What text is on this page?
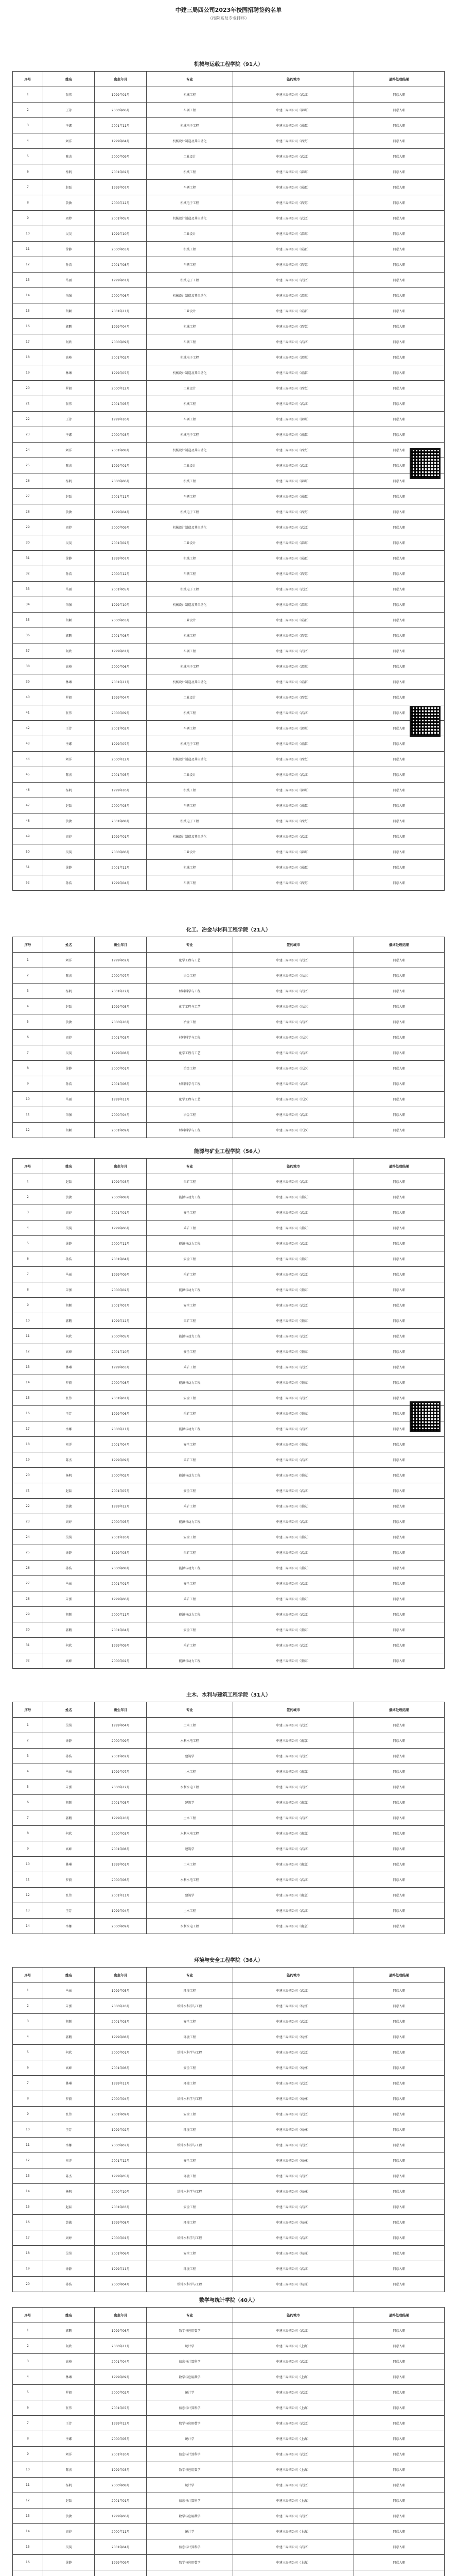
中建三局四公司2023年校园招聘签约名单

（按院系及专业排序）

机械与运载工程学院（91人）
序号	姓名	出生年月	专业	签约城市	最终处理结果
1	张伟	1999年01月	机械工程	中建三局四公司（武汉）	同意入职
2	王芳	2000年06月	车辆工程	中建三局四公司（深圳）	同意入职
3	李娜	2001年11月	机械电子工程	中建三局四公司（成都）	同意入职
4	刘洋	1999年04月	机械设计制造及其自动化	中建三局四公司（西安）	同意入职
5	陈杰	2000年09月	工业设计	中建三局四公司（武汉）	同意入职
6	杨帆	2001年02月	机械工程	中建三局四公司（深圳）	同意入职
7	赵磊	1999年07月	车辆工程	中建三局四公司（成都）	同意入职
8	黄敏	2000年12月	机械电子工程	中建三局四公司（西安）	同意入职
9	周婷	2001年05月	机械设计制造及其自动化	中建三局四公司（武汉）	同意入职
10	吴昊	1999年10月	工业设计	中建三局四公司（深圳）	同意入职
11	徐静	2000年03月	机械工程	中建三局四公司（成都）	同意入职
12	孙浩	2001年08月	车辆工程	中建三局四公司（西安）	同意入职
13	马丽	1999年01月	机械电子工程	中建三局四公司（武汉）	同意入职
14	朱强	2000年06月	机械设计制造及其自动化	中建三局四公司（深圳）	同意入职
15	胡颖	2001年11月	工业设计	中建三局四公司（成都）	同意入职
16	郭鹏	1999年04月	机械工程	中建三局四公司（西安）	同意入职
17	何欣	2000年09月	车辆工程	中建三局四公司（武汉）	同意入职
18	高峰	2001年02月	机械电子工程	中建三局四公司（深圳）	同意入职
19	林琳	1999年07月	机械设计制造及其自动化	中建三局四公司（成都）	同意入职
20	罗毅	2000年12月	工业设计	中建三局四公司（西安）	同意入职
21	张伟	2001年05月	机械工程	中建三局四公司（武汉）	同意入职
22	王芳	1999年10月	车辆工程	中建三局四公司（深圳）	同意入职
23	李娜	2000年03月	机械电子工程	中建三局四公司（成都）	同意入职
24	刘洋	2001年08月	机械设计制造及其自动化	中建三局四公司（西安）	同意入职
25	陈杰	1999年01月	工业设计	中建三局四公司（武汉）	同意入职
26	杨帆	2000年06月	机械工程	中建三局四公司（深圳）	同意入职
27	赵磊	2001年11月	车辆工程	中建三局四公司（成都）	同意入职
28	黄敏	1999年04月	机械电子工程	中建三局四公司（西安）	同意入职
29	周婷	2000年09月	机械设计制造及其自动化	中建三局四公司（武汉）	同意入职
30	吴昊	2001年02月	工业设计	中建三局四公司（深圳）	同意入职
31	徐静	1999年07月	机械工程	中建三局四公司（成都）	同意入职
32	孙浩	2000年12月	车辆工程	中建三局四公司（西安）	同意入职
33	马丽	2001年05月	机械电子工程	中建三局四公司（武汉）	同意入职
34	朱强	1999年10月	机械设计制造及其自动化	中建三局四公司（深圳）	同意入职
35	胡颖	2000年03月	工业设计	中建三局四公司（成都）	同意入职
36	郭鹏	2001年08月	机械工程	中建三局四公司（西安）	同意入职
37	何欣	1999年01月	车辆工程	中建三局四公司（武汉）	同意入职
38	高峰	2000年06月	机械电子工程	中建三局四公司（深圳）	同意入职
39	林琳	2001年11月	机械设计制造及其自动化	中建三局四公司（成都）	同意入职
40	罗毅	1999年04月	工业设计	中建三局四公司（西安）	同意入职
41	张伟	2000年09月	机械工程	中建三局四公司（武汉）	同意入职
42	王芳	2001年02月	车辆工程	中建三局四公司（深圳）	同意入职
43	李娜	1999年07月	机械电子工程	中建三局四公司（成都）	同意入职
44	刘洋	2000年12月	机械设计制造及其自动化	中建三局四公司（西安）	同意入职
45	陈杰	2001年05月	工业设计	中建三局四公司（武汉）	同意入职
46	杨帆	1999年10月	机械工程	中建三局四公司（深圳）	同意入职
47	赵磊	2000年03月	车辆工程	中建三局四公司（成都）	同意入职
48	黄敏	2001年08月	机械电子工程	中建三局四公司（西安）	同意入职
49	周婷	1999年01月	机械设计制造及其自动化	中建三局四公司（武汉）	同意入职
50	吴昊	2000年06月	工业设计	中建三局四公司（深圳）	同意入职
51	徐静	2001年11月	机械工程	中建三局四公司（成都）	同意入职
52	孙浩	1999年04月	车辆工程	中建三局四公司（西安）	同意入职
化工、冶金与材料工程学院（21人）
序号	姓名	出生年月	专业	签约城市	最终处理结果
1	刘洋	1999年02月	化学工程与工艺	中建三局四公司（武汉）	同意入职
2	陈杰	2000年07月	冶金工程	中建三局四公司（长沙）	同意入职
3	杨帆	2001年12月	材料科学与工程	中建三局四公司（武汉）	同意入职
4	赵磊	1999年05月	化学工程与工艺	中建三局四公司（长沙）	同意入职
5	黄敏	2000年10月	冶金工程	中建三局四公司（武汉）	同意入职
6	周婷	2001年03月	材料科学与工程	中建三局四公司（长沙）	同意入职
7	吴昊	1999年08月	化学工程与工艺	中建三局四公司（武汉）	同意入职
8	徐静	2000年01月	冶金工程	中建三局四公司（长沙）	同意入职
9	孙浩	2001年06月	材料科学与工程	中建三局四公司（武汉）	同意入职
10	马丽	1999年11月	化学工程与工艺	中建三局四公司（长沙）	同意入职
11	朱强	2000年04月	冶金工程	中建三局四公司（武汉）	同意入职
12	胡颖	2001年09月	材料科学与工程	中建三局四公司（长沙）	同意入职
能源与矿业工程学院（56人）
序号	姓名	出生年月	专业	签约城市	最终处理结果
1	赵磊	1999年03月	采矿工程	中建三局四公司（武汉）	同意入职
2	黄敏	2000年08月	能源与动力工程	中建三局四公司（重庆）	同意入职
3	周婷	2001年01月	安全工程	中建三局四公司（武汉）	同意入职
4	吴昊	1999年06月	采矿工程	中建三局四公司（重庆）	同意入职
5	徐静	2000年11月	能源与动力工程	中建三局四公司（武汉）	同意入职
6	孙浩	2001年04月	安全工程	中建三局四公司（重庆）	同意入职
7	马丽	1999年09月	采矿工程	中建三局四公司（武汉）	同意入职
8	朱强	2000年02月	能源与动力工程	中建三局四公司（重庆）	同意入职
9	胡颖	2001年07月	安全工程	中建三局四公司（武汉）	同意入职
10	郭鹏	1999年12月	采矿工程	中建三局四公司（重庆）	同意入职
11	何欣	2000年05月	能源与动力工程	中建三局四公司（武汉）	同意入职
12	高峰	2001年10月	安全工程	中建三局四公司（重庆）	同意入职
13	林琳	1999年03月	采矿工程	中建三局四公司（武汉）	同意入职
14	罗毅	2000年08月	能源与动力工程	中建三局四公司（重庆）	同意入职
15	张伟	2001年01月	安全工程	中建三局四公司（武汉）	同意入职
16	王芳	1999年06月	采矿工程	中建三局四公司（重庆）	同意入职
17	李娜	2000年11月	能源与动力工程	中建三局四公司（武汉）	同意入职
18	刘洋	2001年04月	安全工程	中建三局四公司（重庆）	同意入职
19	陈杰	1999年09月	采矿工程	中建三局四公司（武汉）	同意入职
20	杨帆	2000年02月	能源与动力工程	中建三局四公司（重庆）	同意入职
21	赵磊	2001年07月	安全工程	中建三局四公司（武汉）	同意入职
22	黄敏	1999年12月	采矿工程	中建三局四公司（重庆）	同意入职
23	周婷	2000年05月	能源与动力工程	中建三局四公司（武汉）	同意入职
24	吴昊	2001年10月	安全工程	中建三局四公司（重庆）	同意入职
25	徐静	1999年03月	采矿工程	中建三局四公司（武汉）	同意入职
26	孙浩	2000年08月	能源与动力工程	中建三局四公司（重庆）	同意入职
27	马丽	2001年01月	安全工程	中建三局四公司（武汉）	同意入职
28	朱强	1999年06月	采矿工程	中建三局四公司（重庆）	同意入职
29	胡颖	2000年11月	能源与动力工程	中建三局四公司（武汉）	同意入职
30	郭鹏	2001年04月	安全工程	中建三局四公司（重庆）	同意入职
31	何欣	1999年09月	采矿工程	中建三局四公司（武汉）	同意入职
32	高峰	2000年02月	能源与动力工程	中建三局四公司（重庆）	同意入职
土木、水利与建筑工程学院（31人）
序号	姓名	出生年月	专业	签约城市	最终处理结果
1	吴昊	1999年04月	土木工程	中建三局四公司（武汉）	同意入职
2	徐静	2000年09月	水利水电工程	中建三局四公司（南京）	同意入职
3	孙浩	2001年02月	建筑学	中建三局四公司（武汉）	同意入职
4	马丽	1999年07月	土木工程	中建三局四公司（南京）	同意入职
5	朱强	2000年12月	水利水电工程	中建三局四公司（武汉）	同意入职
6	胡颖	2001年05月	建筑学	中建三局四公司（南京）	同意入职
7	郭鹏	1999年10月	土木工程	中建三局四公司（武汉）	同意入职
8	何欣	2000年03月	水利水电工程	中建三局四公司（南京）	同意入职
9	高峰	2001年08月	建筑学	中建三局四公司（武汉）	同意入职
10	林琳	1999年01月	土木工程	中建三局四公司（南京）	同意入职
11	罗毅	2000年06月	水利水电工程	中建三局四公司（武汉）	同意入职
12	张伟	2001年11月	建筑学	中建三局四公司（南京）	同意入职
13	王芳	1999年04月	土木工程	中建三局四公司（武汉）	同意入职
14	李娜	2000年09月	水利水电工程	中建三局四公司（南京）	同意入职
环境与安全工程学院（36人）
序号	姓名	出生年月	专业	签约城市	最终处理结果
1	马丽	1999年05月	环境工程	中建三局四公司（武汉）	同意入职
2	朱强	2000年10月	给排水科学与工程	中建三局四公司（杭州）	同意入职
3	胡颖	2001年03月	安全工程	中建三局四公司（武汉）	同意入职
4	郭鹏	1999年08月	环境工程	中建三局四公司（杭州）	同意入职
5	何欣	2000年01月	给排水科学与工程	中建三局四公司（武汉）	同意入职
6	高峰	2001年06月	安全工程	中建三局四公司（杭州）	同意入职
7	林琳	1999年11月	环境工程	中建三局四公司（武汉）	同意入职
8	罗毅	2000年04月	给排水科学与工程	中建三局四公司（杭州）	同意入职
9	张伟	2001年09月	安全工程	中建三局四公司（武汉）	同意入职
10	王芳	1999年02月	环境工程	中建三局四公司（杭州）	同意入职
11	李娜	2000年07月	给排水科学与工程	中建三局四公司（武汉）	同意入职
12	刘洋	2001年12月	安全工程	中建三局四公司（杭州）	同意入职
13	陈杰	1999年05月	环境工程	中建三局四公司（武汉）	同意入职
14	杨帆	2000年10月	给排水科学与工程	中建三局四公司（杭州）	同意入职
15	赵磊	2001年03月	安全工程	中建三局四公司（武汉）	同意入职
16	黄敏	1999年08月	环境工程	中建三局四公司（杭州）	同意入职
17	周婷	2000年01月	给排水科学与工程	中建三局四公司（武汉）	同意入职
18	吴昊	2001年06月	安全工程	中建三局四公司（杭州）	同意入职
19	徐静	1999年11月	环境工程	中建三局四公司（武汉）	同意入职
20	孙浩	2000年04月	给排水科学与工程	中建三局四公司（杭州）	同意入职
数学与统计学院（40人）
序号	姓名	出生年月	专业	签约城市	最终处理结果
1	郭鹏	1999年06月	数学与应用数学	中建三局四公司（武汉）	同意入职
2	何欣	2000年11月	统计学	中建三局四公司（上海）	同意入职
3	高峰	2001年04月	信息与计算科学	中建三局四公司（武汉）	同意入职
4	林琳	1999年09月	数学与应用数学	中建三局四公司（上海）	同意入职
5	罗毅	2000年02月	统计学	中建三局四公司（武汉）	同意入职
6	张伟	2001年07月	信息与计算科学	中建三局四公司（上海）	同意入职
7	王芳	1999年12月	数学与应用数学	中建三局四公司（武汉）	同意入职
8	李娜	2000年05月	统计学	中建三局四公司（上海）	同意入职
9	刘洋	2001年10月	信息与计算科学	中建三局四公司（武汉）	同意入职
10	陈杰	1999年03月	数学与应用数学	中建三局四公司（上海）	同意入职
11	杨帆	2000年08月	统计学	中建三局四公司（武汉）	同意入职
12	赵磊	2001年01月	信息与计算科学	中建三局四公司（上海）	同意入职
13	黄敏	1999年06月	数学与应用数学	中建三局四公司（武汉）	同意入职
14	周婷	2000年11月	统计学	中建三局四公司（上海）	同意入职
15	吴昊	2001年04月	信息与计算科学	中建三局四公司（武汉）	同意入职
16	徐静	1999年09月	数学与应用数学	中建三局四公司（上海）	同意入职
